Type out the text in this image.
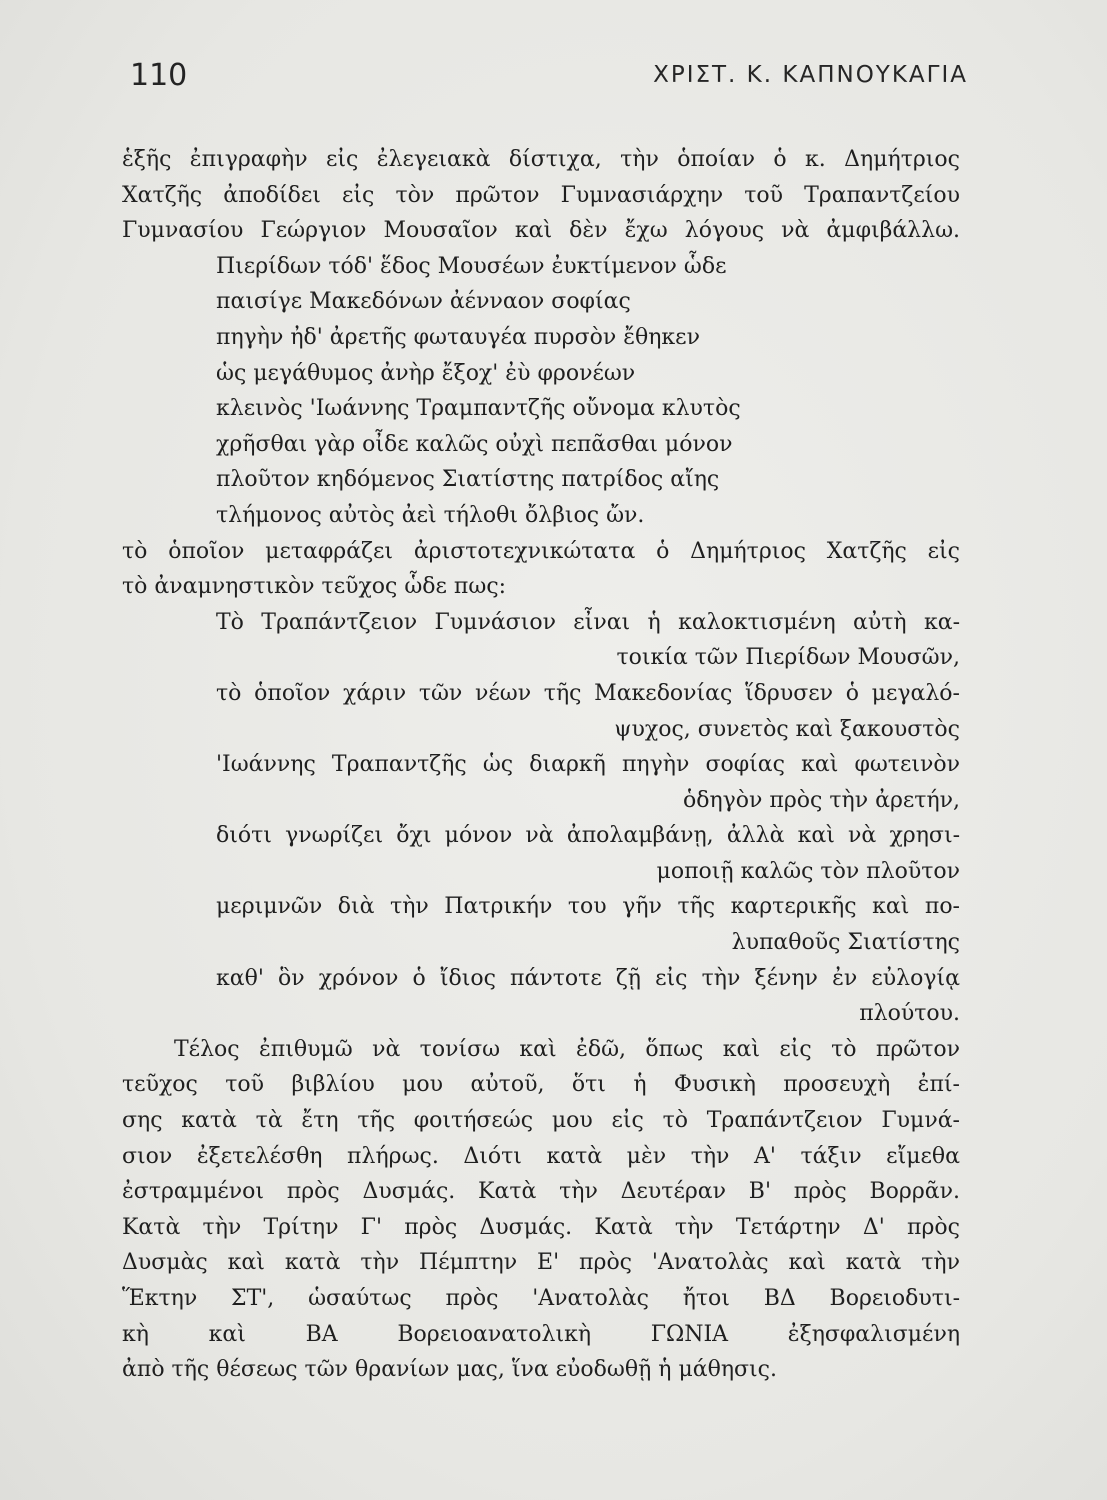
110	ΧΡΙΣΤ. Κ. ΚΑΠΝΟΥΚΑΓΙΑ
ἑξῆς ἐπιγραφὴν εἰς ἐλεγειακὰ δίστιχα, τὴν ὁποίαν ὁ κ. Δημήτριος
Χατζῆς ἀποδίδει εἰς τὸν πρῶτον Γυμνασιάρχην τοῦ Τραπαντζείου
Γυμνασίου Γεώργιον Μουσαῖον καὶ δὲν ἔχω λόγους νὰ ἀμφιβάλλω.
Πιερίδων τόδ' ἕδος Μουσέων ἐυκτίμενον ὧδε
παισίγε Μακεδόνων ἀένναον σοφίας
πηγὴν ἠδ' ἀρετῆς φωταυγέα πυρσὸν ἔθηκεν
ὡς μεγάθυμος ἀνὴρ ἔξοχ' ἐὺ φρονέων
κλεινὸς 'Ιωάννης Τραμπαντζῆς οὔνομα κλυτὸς
χρῆσθαι γὰρ οἶδε καλῶς οὐχὶ πεπᾶσθαι μόνον
πλοῦτον κηδόμενος Σιατίστης πατρίδος αἴης
τλήμονος αὐτὸς ἀεὶ τήλοθι ὄλβιος ὤν.
τὸ ὁποῖον μεταφράζει ἀριστοτεχνικώτατα ὁ Δημήτριος Χατζῆς εἰς
τὸ ἀναμνηστικὸν τεῦχος ὧδε πως:
Τὸ Τραπάντζειον Γυμνάσιον εἶναι ἡ καλοκτισμένη αὐτὴ κα-
τοικία τῶν Πιερίδων Μουσῶν,
τὸ ὁποῖον χάριν τῶν νέων τῆς Μακεδονίας ἵδρυσεν ὁ μεγαλό-
ψυχος, συνετὸς καὶ ξακουστὸς
'Ιωάννης Τραπαντζῆς ὡς διαρκῆ πηγὴν σοφίας καὶ φωτεινὸν
ὁδηγὸν πρὸς τὴν ἀρετήν,
διότι γνωρίζει ὄχι μόνον νὰ ἀπολαμβάνῃ, ἀλλὰ καὶ νὰ χρησι-
μοποιῇ καλῶς τὸν πλοῦτον
μεριμνῶν διὰ τὴν Πατρικήν του γῆν τῆς καρτερικῆς καὶ πο-
λυπαθοῦς Σιατίστης
καθ' ὃν χρόνον ὁ ἴδιος πάντοτε ζῇ εἰς τὴν ξένην ἐν εὐλογίᾳ
πλούτου.
Τέλος ἐπιθυμῶ νὰ τονίσω καὶ ἐδῶ, ὅπως καὶ εἰς τὸ πρῶτον
τεῦχος τοῦ βιβλίου μου αὐτοῦ, ὅτι ἡ Φυσικὴ προσευχὴ ἐπί-
σης κατὰ τὰ ἔτη τῆς φοιτήσεώς μου εἰς τὸ Τραπάντζειον Γυμνά-
σιον ἐξετελέσθη πλήρως. Διότι κατὰ μὲν τὴν Α' τάξιν εἴμεθα
ἐστραμμένοι πρὸς Δυσμάς. Κατὰ τὴν Δευτέραν Β' πρὸς Βορρᾶν.
Κατὰ τὴν Τρίτην Γ' πρὸς Δυσμάς. Κατὰ τὴν Τετάρτην Δ' πρὸς
Δυσμὰς καὶ κατὰ τὴν Πέμπτην Ε' πρὸς 'Ανατολὰς καὶ κατὰ τὴν
Ἕκτην ΣΤ', ὡσαύτως πρὸς 'Ανατολὰς ἤτοι ΒΔ Βορειοδυτι-
κὴ καὶ ΒΑ Βορειοανατολικὴ ΓΩΝΙΑ ἐξησφαλισμένη
ἀπὸ τῆς θέσεως τῶν θρανίων μας, ἵνα εὐοδωθῇ ἡ μάθησις.
